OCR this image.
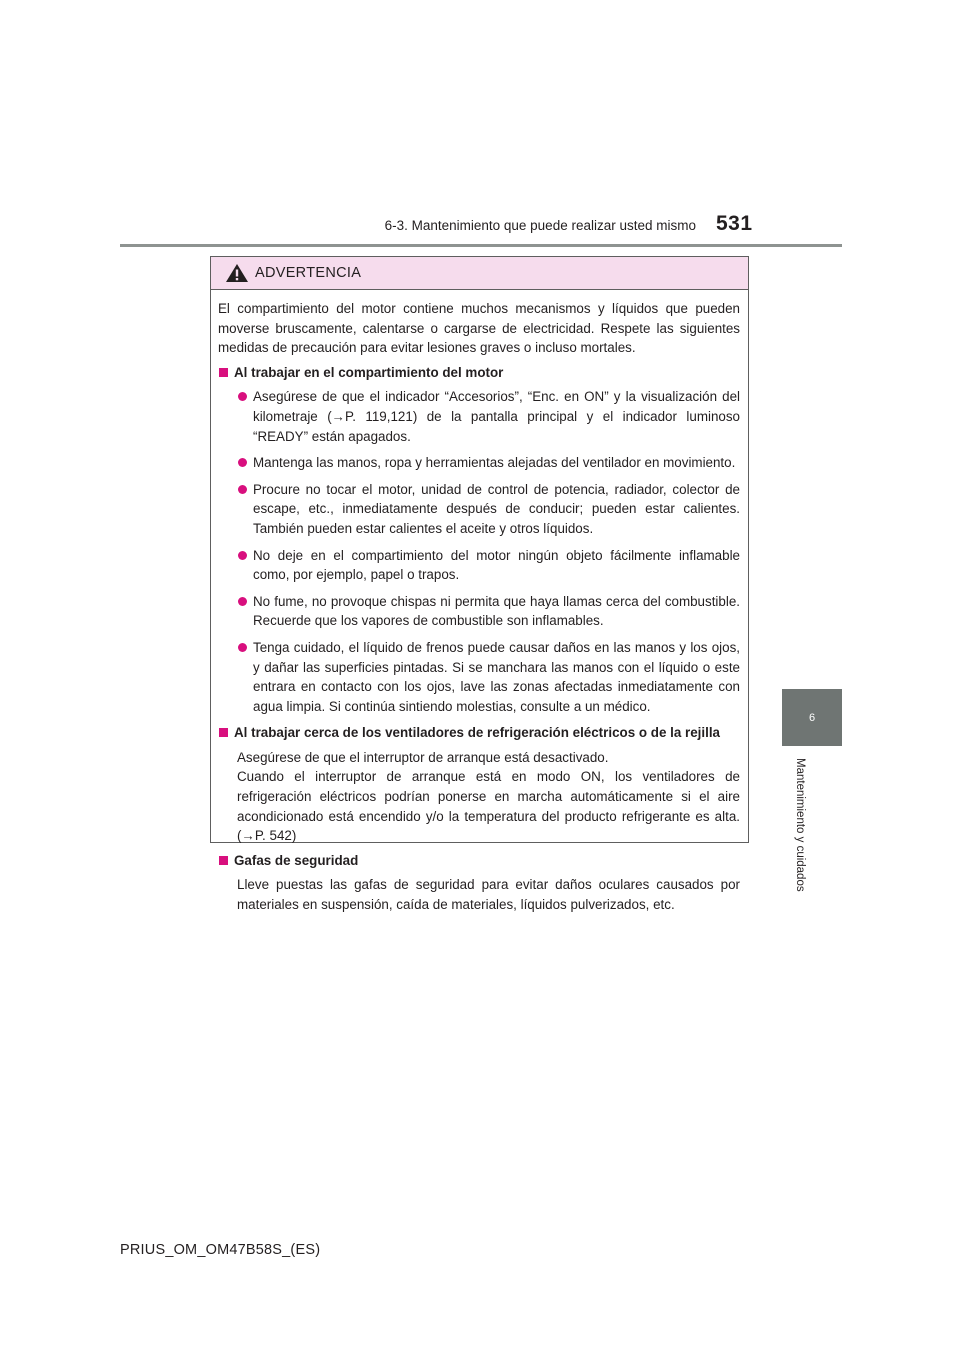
6-3. Mantenimiento que puede realizar usted mismo 531
6
Mantenimiento y cuidados
ADVERTENCIA

El compartimiento del motor contiene muchos mecanismos y líquidos que pueden moverse bruscamente, calentarse o cargarse de electricidad. Respete las siguientes medidas de precaución para evitar lesiones graves o incluso mortales.

Al trabajar en el compartimiento del motor
Asegúrese de que el indicador “Accesorios”, “Enc. en ON” y la visualización del kilometraje (→P. 119,121) de la pantalla principal y el indicador luminoso “READY” están apagados.
Mantenga las manos, ropa y herramientas alejadas del ventilador en movimiento.
Procure no tocar el motor, unidad de control de potencia, radiador, colector de escape, etc., inmediatamente después de conducir; pueden estar calientes. También pueden estar calientes el aceite y otros líquidos.
No deje en el compartimiento del motor ningún objeto fácilmente inflamable como, por ejemplo, papel o trapos.
No fume, no provoque chispas ni permita que haya llamas cerca del combustible. Recuerde que los vapores de combustible son inflamables.
Tenga cuidado, el líquido de frenos puede causar daños en las manos y los ojos, y dañar las superficies pintadas. Si se manchara las manos con el líquido o este entrara en contacto con los ojos, lave las zonas afectadas inmediatamente con agua limpia. Si continúa sintiendo molestias, consulte a un médico.
Al trabajar cerca de los ventiladores de refrigeración eléctricos o de la rejilla
Asegúrese de que el interruptor de arranque está desactivado.
Cuando el interruptor de arranque está en modo ON, los ventiladores de refrigeración eléctricos podrían ponerse en marcha automáticamente si el aire acondicionado está encendido y/o la temperatura del producto refrigerante es alta. (→P. 542)
Gafas de seguridad
Lleve puestas las gafas de seguridad para evitar daños oculares causados por materiales en suspensión, caída de materiales, líquidos pulverizados, etc.
PRIUS_OM_OM47B58S_(ES)
